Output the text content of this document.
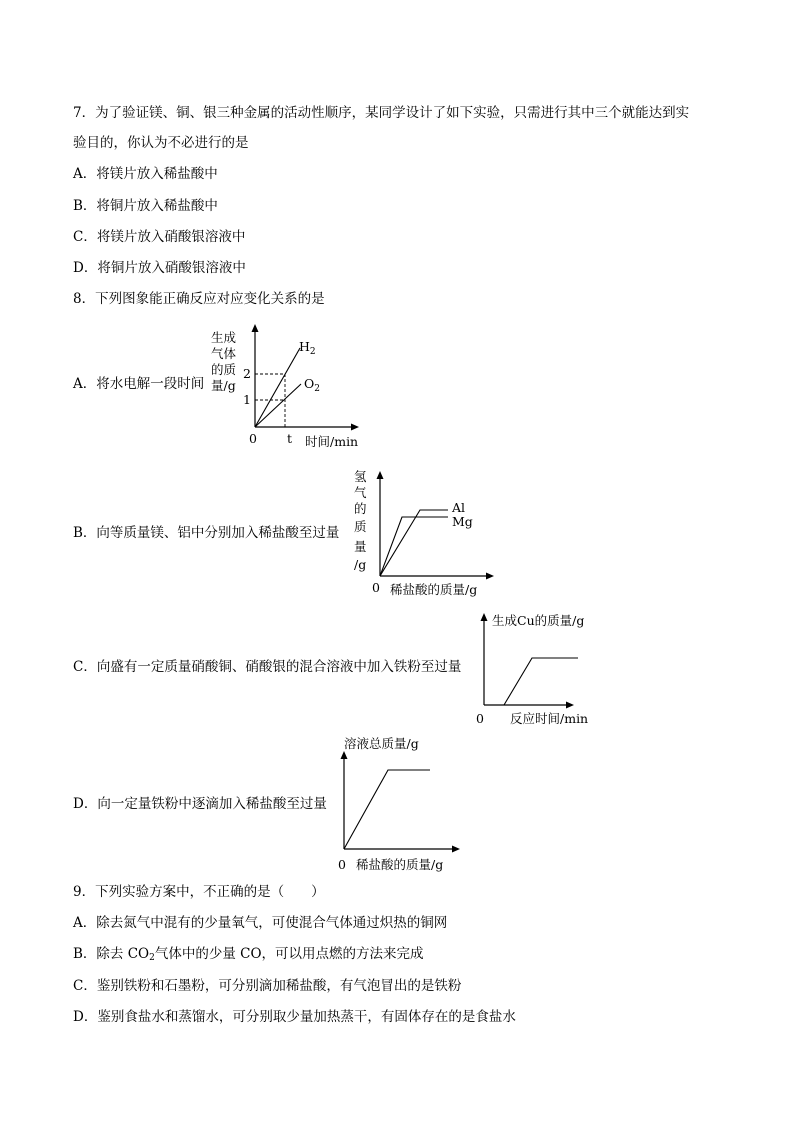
7．为了验证镁、铜、银三种金属的活动性顺序，某同学设计了如下实验，只需进行其中三个就能达到实
验目的，你认为不必进行的是
A．将镁片放入稀盐酸中
B．将铜片放入稀盐酸中
C．将镁片放入硝酸银溶液中
D．将铜片放入硝酸银溶液中
8．下列图象能正确反应对应变化关系的是
A．将水电解一段时间
生成
气体
的质
量/g
2
1
0 t 时间/min
$H_2$
$O_2$
B．向等质量镁、铝中分别加入稀盐酸至过量
氢
气
的
质
量
/g
Al
Mg
0 稀盐酸的质量/g
C．向盛有一定质量硝酸铜、硝酸银的混合溶液中加入铁粉至过量
生成Cu的质量/g
0 反应时间/min
D．向一定量铁粉中逐滴加入稀盐酸至过量
溶液总质量/g
0 稀盐酸的质量/g
9．下列实验方案中，不正确的是（　　）
A．除去氮气中混有的少量氧气，可使混合气体通过炽热的铜网
B．除去 $CO_2$气体中的少量 CO，可以用点燃的方法来完成
C．鉴别铁粉和石墨粉，可分别滴加稀盐酸，有气泡冒出的是铁粉
D．鉴别食盐水和蒸馏水，可分别取少量加热蒸干，有固体存在的是食盐水
